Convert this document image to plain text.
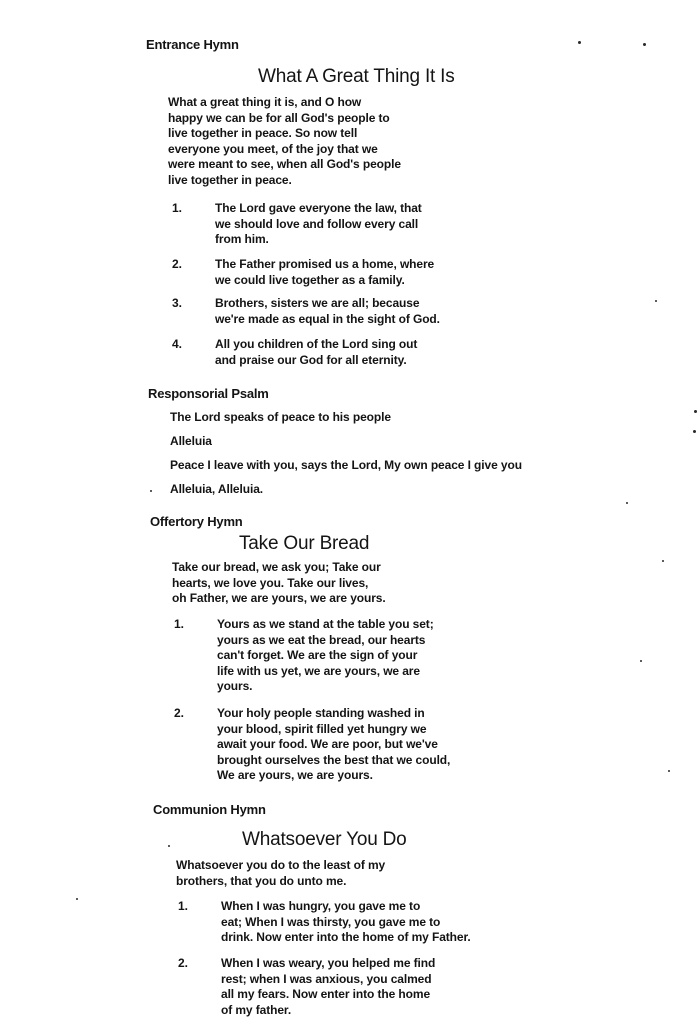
Entrance Hymn
What A Great Thing It Is
What a great thing it is, and O how
happy we can be for all God's people to
live together in peace. So now tell
everyone you meet, of the joy that we
were meant to see, when all God's people
live together in peace.
1.	The Lord gave everyone the law, that
we should love and follow every call
from him.
2.	The Father promised us a home, where
we could live together as a family.
3.	Brothers, sisters we are all; because
we're made as equal in the sight of God.
4.	All you children of the Lord sing out
and praise our God for all eternity.
Responsorial Psalm
The Lord speaks of peace to his people
Alleluia
Peace I leave with you, says the Lord, My own peace I give you
Alleluia, Alleluia.
Offertory Hymn
Take Our Bread
Take our bread, we ask you; Take our
hearts, we love you. Take our lives,
oh Father, we are yours, we are yours.
1.	Yours as we stand at the table you set;
yours as we eat the bread, our hearts
can't forget. We are the sign of your
life with us yet, we are yours, we are
yours.
2.	Your holy people standing washed in
your blood, spirit filled yet hungry we
await your food. We are poor, but we've
brought ourselves the best that we could,
We are yours, we are yours.
Communion Hymn
Whatsoever You Do
Whatsoever you do to the least of my
brothers, that you do unto me.
1.	When I was hungry, you gave me to
eat; When I was thirsty, you gave me to
drink. Now enter into the home of my Father.
2.	When I was weary, you helped me find
rest; when I was anxious, you calmed
all my fears. Now enter into the home
of my father.
